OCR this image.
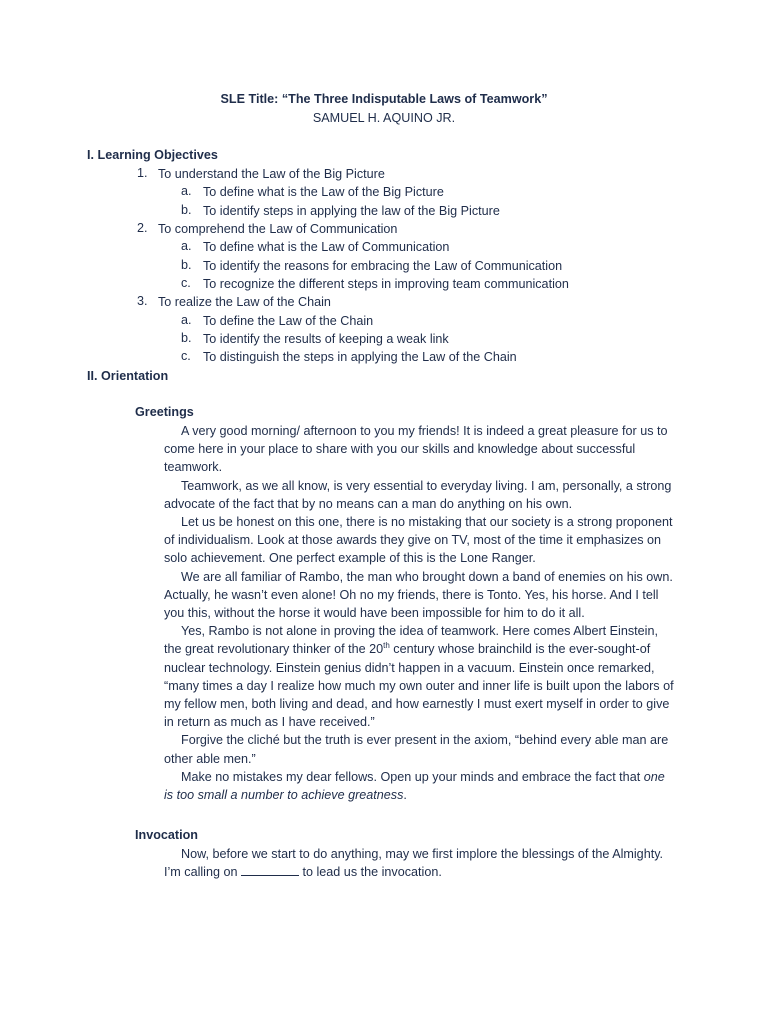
SLE Title: “The Three Indisputable Laws of Teamwork”
SAMUEL H. AQUINO JR.
I. Learning Objectives
1. To understand the Law of the Big Picture
a. To define what is the Law of the Big Picture
b. To identify steps in applying the law of the Big Picture
2. To comprehend the Law of Communication
a. To define what is the Law of Communication
b. To identify the reasons for embracing the Law of Communication
c. To recognize the different steps in improving team communication
3. To realize the Law of the Chain
a. To define the Law of the Chain
b. To identify the results of keeping a weak link
c. To distinguish the steps in applying the Law of the Chain
II. Orientation
Greetings

A very good morning/ afternoon to you my friends! It is indeed a great pleasure for us to come here in your place to share with you our skills and knowledge about successful teamwork.

Teamwork, as we all know, is very essential to everyday living. I am, personally, a strong advocate of the fact that by no means can a man do anything on his own.

Let us be honest on this one, there is no mistaking that our society is a strong proponent of individualism. Look at those awards they give on TV, most of the time it emphasizes on solo achievement. One perfect example of this is the Lone Ranger.

We are all familiar of Rambo, the man who brought down a band of enemies on his own. Actually, he wasn’t even alone! Oh no my friends, there is Tonto. Yes, his horse. And I tell you this, without the horse it would have been impossible for him to do it all.

Yes, Rambo is not alone in proving the idea of teamwork. Here comes Albert Einstein, the great revolutionary thinker of the 20th century whose brainchild is the ever-sought-of nuclear technology. Einstein genius didn’t happen in a vacuum. Einstein once remarked, “many times a day I realize how much my own outer and inner life is built upon the labors of my fellow men, both living and dead, and how earnestly I must exert myself in order to give in return as much as I have received.”

Forgive the cliché but the truth is ever present in the axiom, “behind every able man are other able men.”

Make no mistakes my dear fellows. Open up your minds and embrace the fact that one is too small a number to achieve greatness.

Invocation

Now, before we start to do anything, may we first implore the blessings of the Almighty. I’m calling on	to lead us the invocation.
